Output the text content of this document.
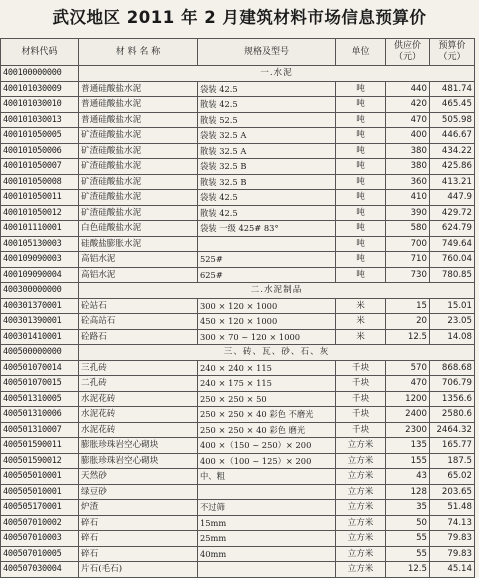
武汉地区 2011 年 2 月建筑材料市场信息预算价
材料代码	材 料 名 称	规格及型号	单位	供应价（元）	预算价（元）
400100000000	一.水泥				
400101030009	普通硅酸盐水泥	袋装 42.5	吨	440	481.74
400101030010	普通硅酸盐水泥	散装 42.5	吨	420	465.45
400101030013	普通硅酸盐水泥	散装 52.5	吨	470	505.98
400101050005	矿渣硅酸盐水泥	袋装 32.5 A	吨	400	446.67
400101050006	矿渣硅酸盐水泥	散装 32.5 A	吨	380	434.22
400101050007	矿渣硅酸盐水泥	袋装 32.5 B	吨	380	425.86
400101050008	矿渣硅酸盐水泥	散装 32.5 B	吨	360	413.21
400101050011	矿渣硅酸盐水泥	袋装 42.5	吨	410	447.9
400101050012	矿渣硅酸盐水泥	散装 42.5	吨	390	429.72
400101110001	白色硅酸盐水泥	袋装 一级 425# 83°	吨	580	624.79
400105130003	硅酸盐膨胀水泥		吨	700	749.64
400109090003	高铝水泥	525#	吨	710	760.04
400109090004	高铝水泥	625#	吨	730	780.85
400300000000	二.水泥制品				
400301370001	砼站石	300 × 120 × 1000	米	15	15.01
400301390001	砼高站石	450 × 120 × 1000	米	20	23.05
400301410001	砼路石	300 × 70 ~ 120 × 1000	米	12.5	14.08
400500000000	三、砖、瓦、砂、石、灰				
400501070014	三孔砖	240 × 240 × 115	千块	570	868.68
400501070015	二孔砖	240 × 175 × 115	千块	470	706.79
400501310005	水泥花砖	250 × 250 × 50	千块	1200	1356.6
400501310006	水泥花砖	250 × 250 × 40 彩色 不磨光	千块	2400	2580.6
400501310007	水泥花砖	250 × 250 × 40 彩色 磨光	千块	2300	2464.32
400501590011	膨胀珍珠岩空心砌块	400 ×（150 ~ 250）× 200	立方米	135	165.77
400501590012	膨胀珍珠岩空心砌块	400 ×（100 ~ 125）× 200	立方米	155	187.5
400505010001	天然砂	中、粗	立方米	43	65.02
400505010001	绿豆砂		立方米	128	203.65
400505170001	炉渣	不过筛	立方米	35	51.48
400507010002	碎石	15mm	立方米	50	74.13
400507010003	碎石	25mm	立方米	55	79.83
400507010005	碎石	40mm	立方米	55	79.83
400507030004	片石(毛石)		立方米	12.5	45.14
